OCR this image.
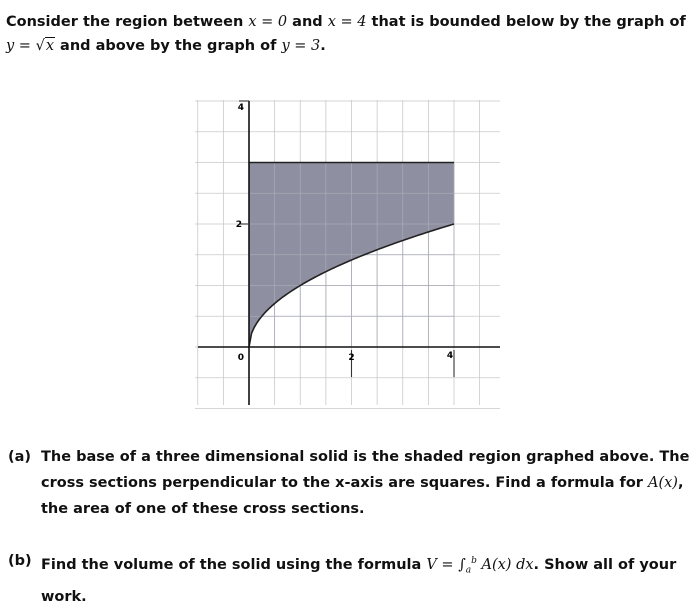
Consider the region between x = 0 and x = 4 that is bounded below by the graph of y = √x and above by the graph of y = 3.
4
2
0	2	4
(a) The base of a three dimensional solid is the shaded region graphed above. The cross sections perpendicular to the x-axis are squares. Find a formula for A(x), the area of one of these cross sections.
(b) Find the volume of the solid using the formula $V = \int_a^b$ A(x) dx. Show all of your work.
